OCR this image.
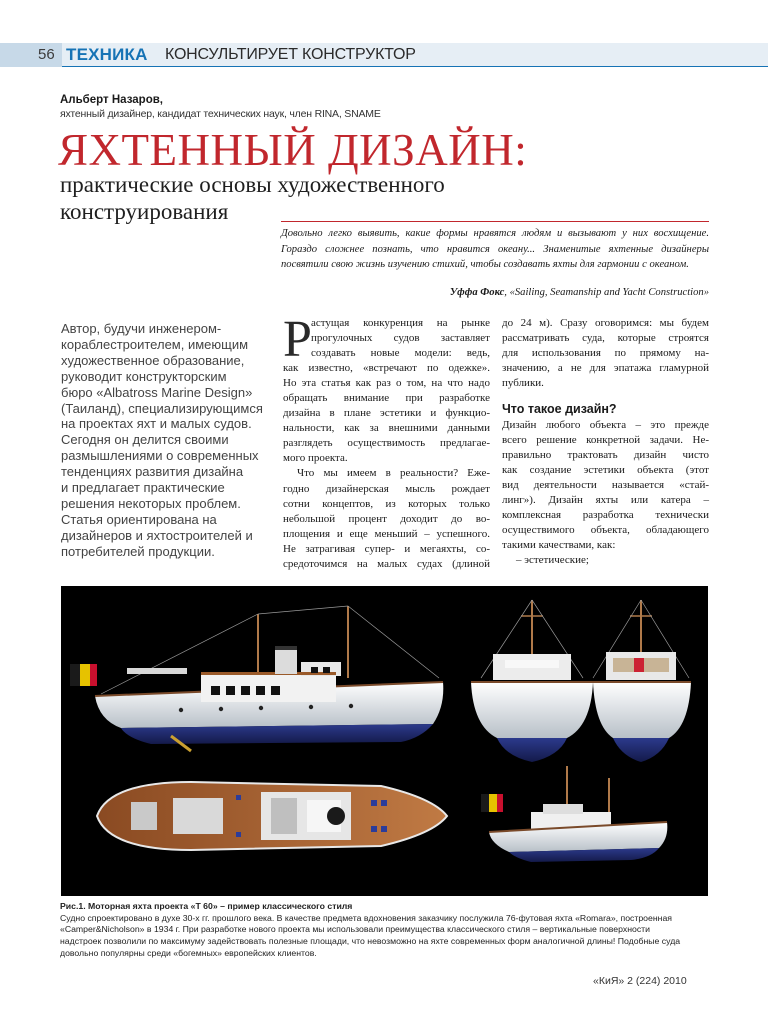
56 ТЕХНИКА КОНСУЛЬТИРУЕТ КОНСТРУКТОР
Альберт Назаров,
яхтенный дизайнер, кандидат технических наук, член RINA, SNAME
ЯХТЕННЫЙ ДИЗАЙН:
практические основы художественного
конструирования
Довольно легко выявить, какие формы нравятся людям и вызывают у них восхищение. Гораздо сложнее познать, что нравится океану... Знаменитые яхтенные дизайнеры посвятили свою жизнь изучению стихий, чтобы создавать яхты для гармонии с океаном.
Уффа Фокс, «Sailing, Seamanship and Yacht Construction»
Автор, будучи инженером-
кораблестроителем, имеющим
художественное образование,
руководит конструкторским
бюро «Albatross Marine Design»
(Таиланд), специализирующимся
на проектах яхт и малых судов.
Сегодня он делится своими
размышлениями о современных
тенденциях развития дизайна
и предлагает практические
решения некоторых проблем.
Статья ориентирована на
дизайнеров и яхтостроителей и
потребителей продукции.
Р астущая конкуренция на рынке
прогулочных судов заставляет
создавать новые модели: ведь,
как известно, «встречают по одежке».
Но эта статья как раз о том, на что надо
обращать внимание при разработке
дизайна в плане эстетики и функцио-
нальности, как за внешними данными
разглядеть осуществимость предлагае-
мого проекта.
Что мы имеем в реальности? Еже-
годно дизайнерская мысль рождает
сотни концептов, из которых только
небольшой процент доходит до во-
площения и еще меньший – успешного.
Не затрагивая супер- и мегаяхты, со-
средоточимся на малых судах (длиной
до 24 м). Сразу оговоримся: мы будем
рассматривать суда, которые строятся
для использования по прямому на-
значению, а не для эпатажа гламурной
публики.
Что такое дизайн?
Дизайн любого объекта – это прежде
всего решение конкретной задачи. Не-
правильно трактовать дизайн чисто
как создание эстетики объекта (этот
вид деятельности называется «стай-
линг»). Дизайн яхты или катера –
комплексная разработка технически
осуществимого объекта, обладающего
такими качествами, как:
– эстетические;
Рис.1. Моторная яхта проекта «Т 60» – пример классического стиля
Судно спроектировано в духе 30-х гг. прошлого века. В качестве предмета вдохновения заказчику послужила 76-футовая яхта «Romara», построенная
«Camper&Nicholson» в 1934 г. При разработке нового проекта мы использовали преимущества классического стиля – вертикальные поверхности
надстроек позволили по максимуму задействовать полезные площади, что невозможно на яхте современных форм аналогичной длины! Подобные суда
довольно популярны среди «богемных» европейских клиентов.
«КиЯ» 2 (224) 2010
